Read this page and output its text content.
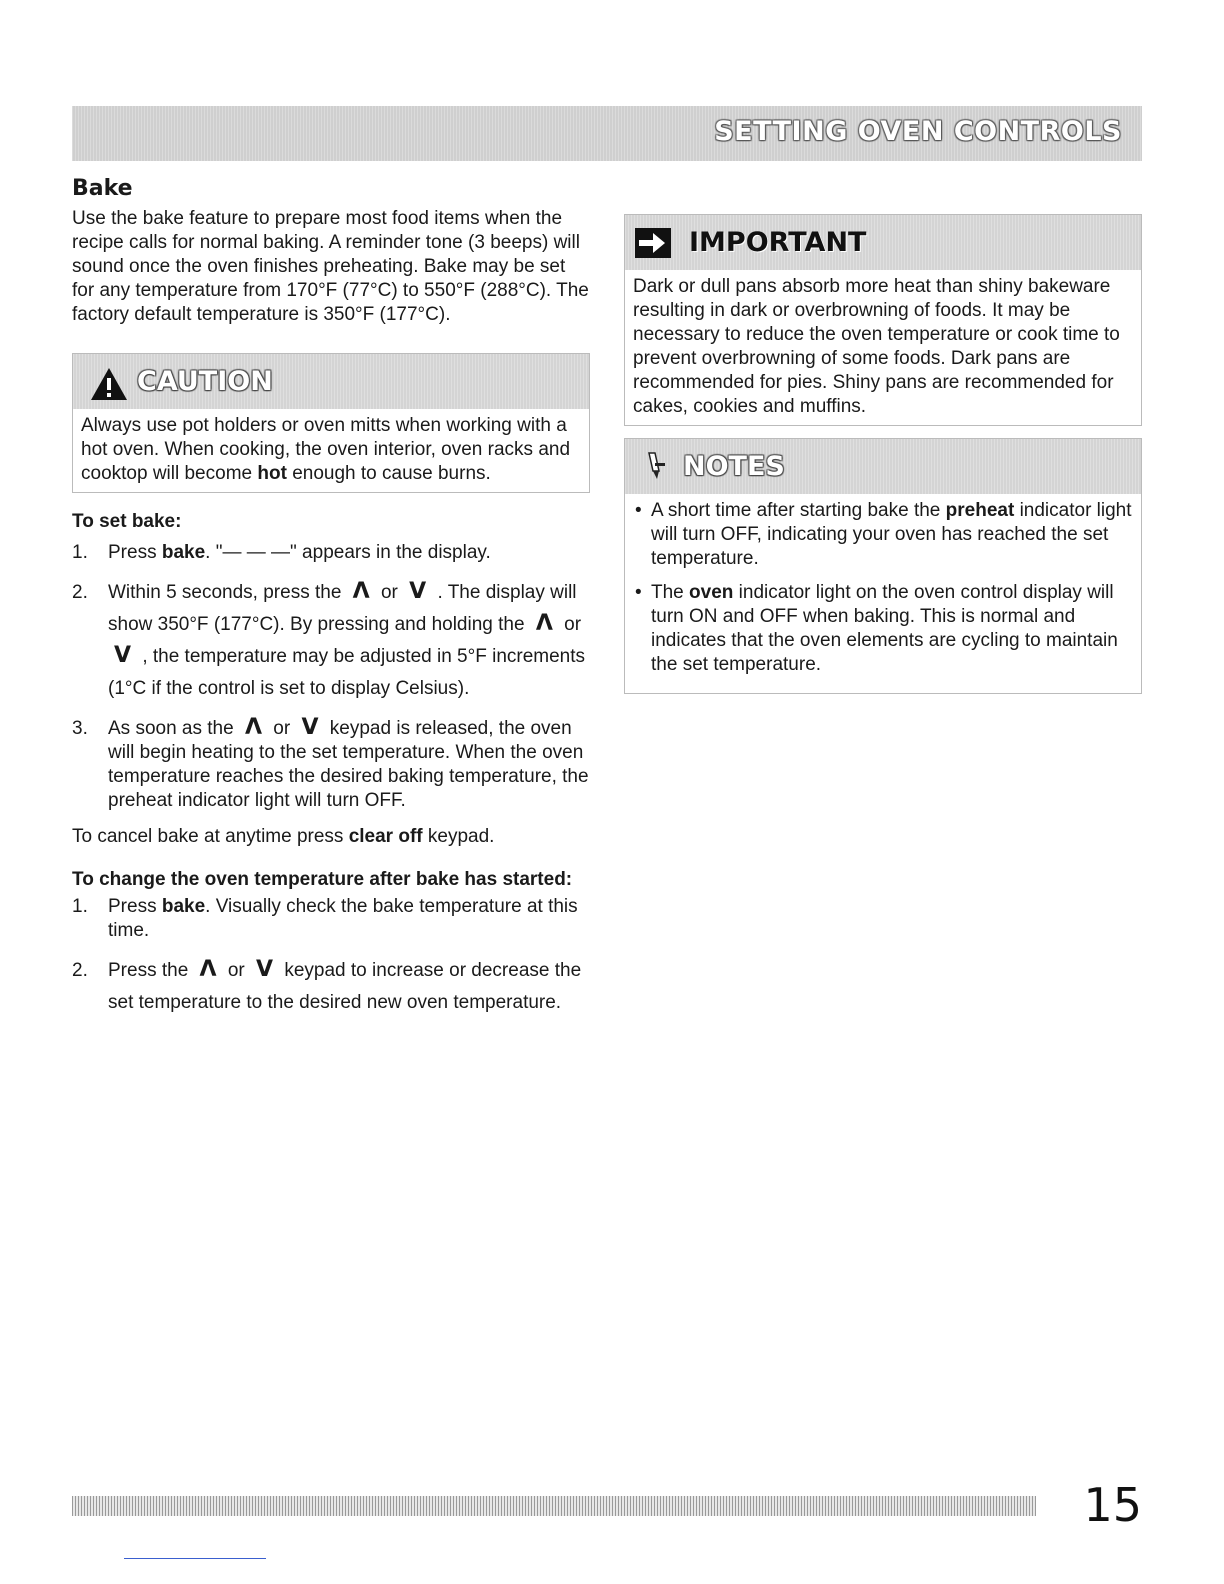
SETTING OVEN CONTROLS
Bake

Use the bake feature to prepare most food items when the recipe calls for normal baking. A reminder tone (3 beeps) will sound once the oven finishes preheating. Bake may be set for any temperature from 170°F (77°C) to 550°F (288°C). The factory default temperature is 350°F (177°C).

CAUTION

Always use pot holders or oven mitts when working with a hot oven. When cooking, the oven interior, oven racks and cooktop will become hot enough to cause burns.

To set bake:
1. Press bake. "— — —" appears in the display.
2. Within 5 seconds, press the Λ or V . The display will show 350°F (177°C). By pressing and holding the Λ or V , the temperature may be adjusted in 5°F increments (1°C if the control is set to display Celsius).
3. As soon as the Λ or V keypad is released, the oven will begin heating to the set temperature. When the oven temperature reaches the desired baking temperature, the preheat indicator light will turn OFF.

To cancel bake at anytime press clear off keypad.

To change the oven temperature after bake has started:
1. Press bake. Visually check the bake temperature at this time.
2. Press the Λ or V keypad to increase or decrease the set temperature to the desired new oven temperature.
IMPORTANT

Dark or dull pans absorb more heat than shiny bakeware resulting in dark or overbrowning of foods. It may be necessary to reduce the oven temperature or cook time to prevent overbrowning of some foods. Dark pans are recommended for pies. Shiny pans are recommended for cakes, cookies and muffins.

NOTES
• A short time after starting bake the preheat indicator light will turn OFF, indicating your oven has reached the set temperature.
• The oven indicator light on the oven control display will turn ON and OFF when baking. This is normal and indicates that the oven elements are cycling to maintain the set temperature.
15
